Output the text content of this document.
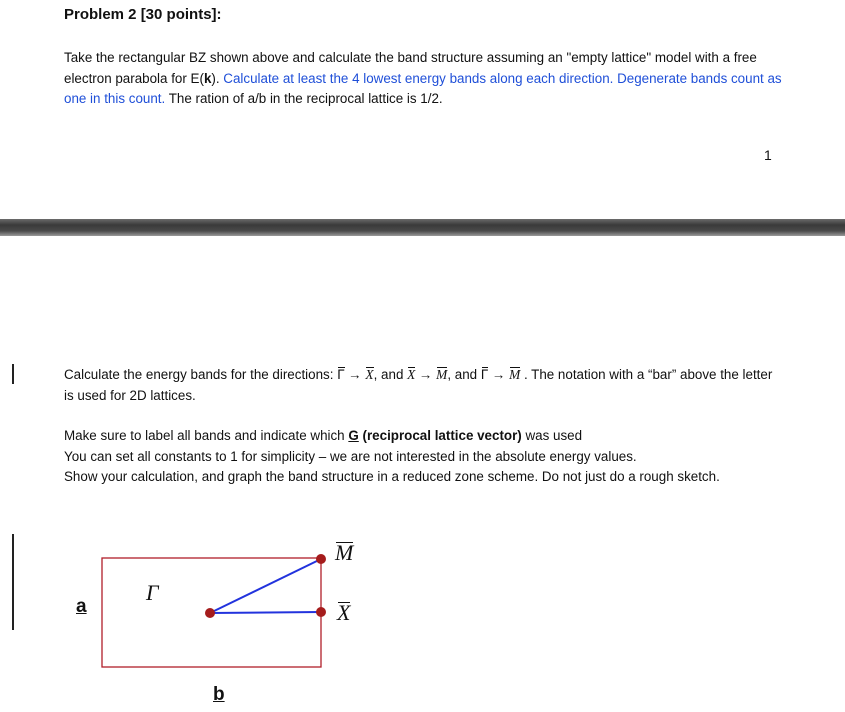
Problem 2 [30 points]:
Take the rectangular BZ shown above and calculate the band structure assuming an "empty lattice" model with a free electron parabola for E(k). Calculate at least the 4 lowest energy bands along each direction. Degenerate bands count as one in this count. The ration of a/b in the reciprocal lattice is 1/2.
1
Calculate the energy bands for the directions: Γ → X, and X → M, and Γ → M . The notation with a “bar” above the letter is used for 2D lattices.
Make sure to label all bands and indicate which G (reciprocal lattice vector) was used
You can set all constants to 1 for simplicity – we are not interested in the absolute energy values.
Show your calculation, and graph the band structure in a reduced zone scheme. Do not just do a rough sketch.
a
b
Γ
M
X
